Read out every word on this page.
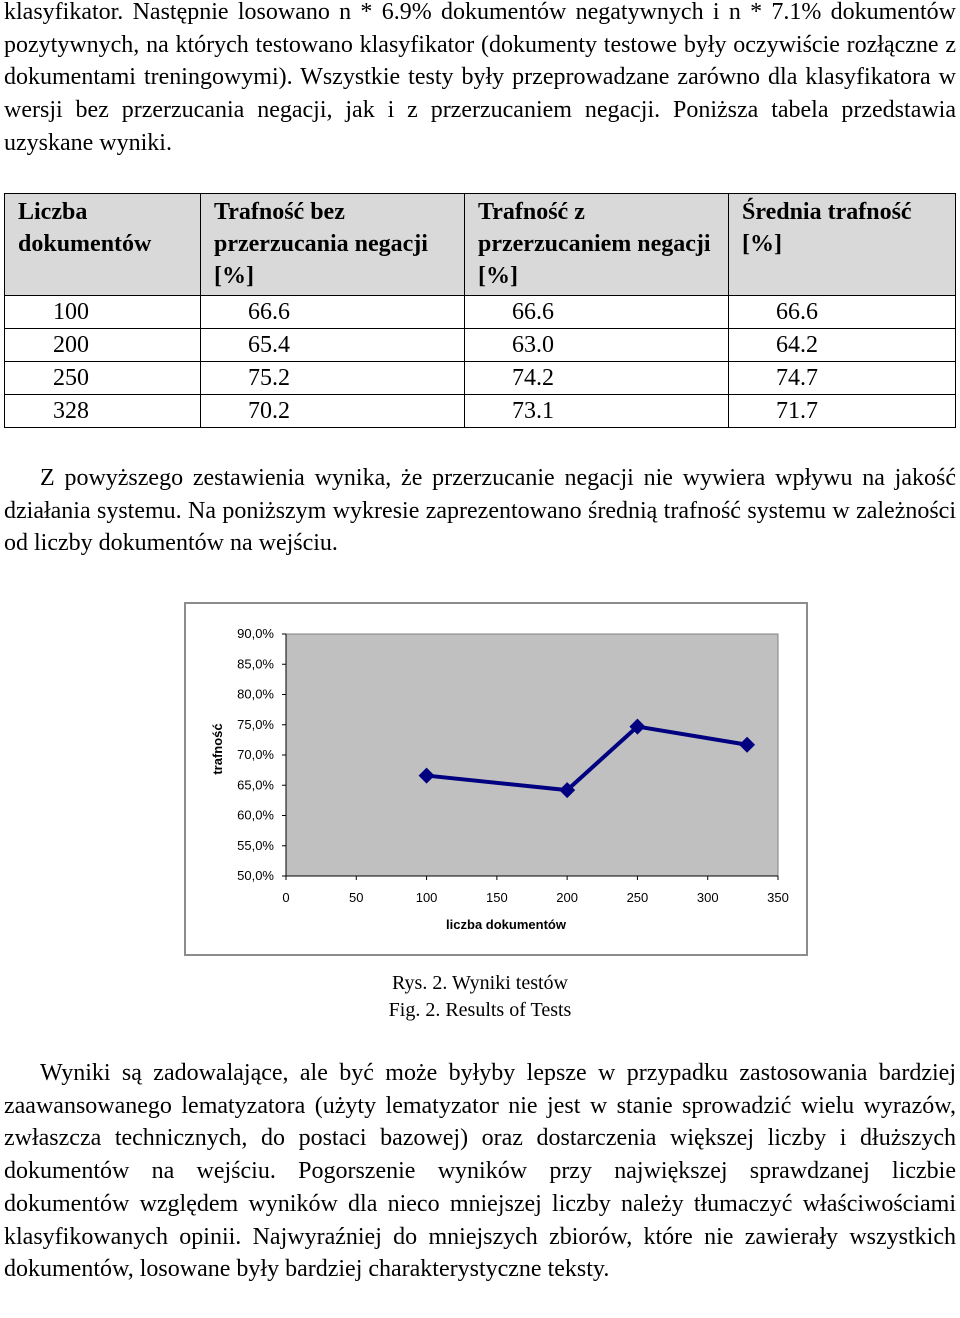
klasyfikator. Następnie losowano n * 6.9% dokumentów negatywnych i n * 7.1% dokumentów pozytywnych, na których testowano klasyfikator (dokumenty testowe były oczywiście rozłączne z dokumentami treningowymi). Wszystkie testy były przeprowadzane zarówno dla klasyfikatora w wersji bez przerzucania negacji, jak i z przerzucaniem negacji. Poniższa tabela przedstawia uzyskane wyniki.

Liczba dokumentów	Trafność bez przerzucania negacji [%]	Trafność z przerzucaniem negacji [%]	Średnia trafność [%]
100	66.6	66.6	66.6
200	65.4	63.0	64.2
250	75.2	74.2	74.7
328	70.2	73.1	71.7

Z powyższego zestawienia wynika, że przerzucanie negacji nie wywiera wpływu na jakość działania systemu. Na poniższym wykresie zaprezentowano średnią trafność systemu w zależności od liczby dokumentów na wejściu.

50,0%
55,0%
60,0%
65,0%
70,0%
75,0%
80,0%
85,0%
90,0%
0	50	100	150	200	250	300	350
liczba dokumentów
trafność

Rys. 2. Wyniki testów

Fig. 2. Results of Tests

Wyniki są zadowalające, ale być może byłyby lepsze w przypadku zastosowania bardziej zaawansowanego lematyzatora (użyty lematyzator nie jest w stanie sprowadzić wielu wyrazów, zwłaszcza technicznych, do postaci bazowej) oraz dostarczenia większej liczby i dłuższych dokumentów na wejściu. Pogorszenie wyników przy największej sprawdzanej liczbie dokumentów względem wyników dla nieco mniejszej liczby należy tłumaczyć właściwościami klasyfikowanych opinii. Najwyraźniej do mniejszych zbiorów, które nie zawierały wszystkich dokumentów, losowane były bardziej charakterystyczne teksty.
